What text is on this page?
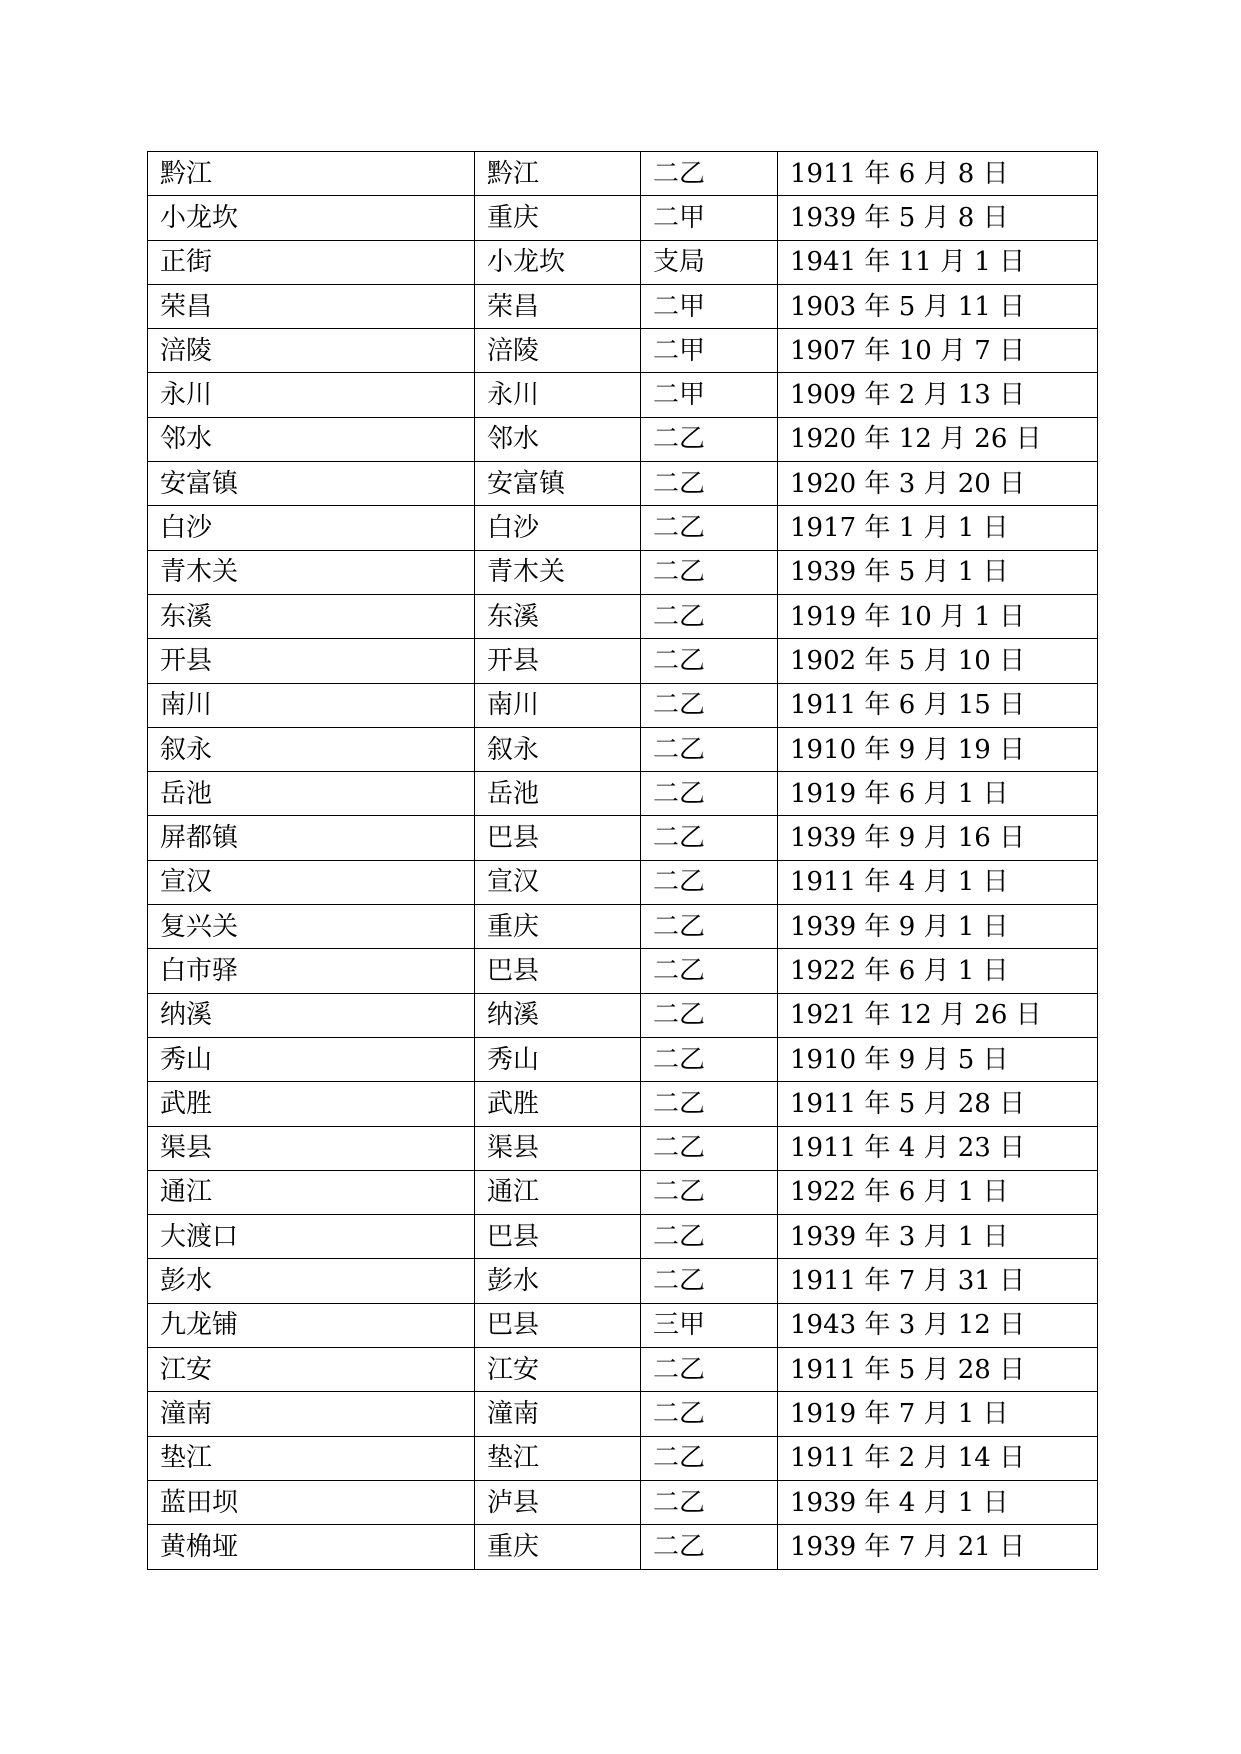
黔江	黔江	二乙	1911 年 6 月 8 日
小龙坎	重庆	二甲	1939 年 5 月 8 日
正街	小龙坎	支局	1941 年 11 月 1 日
荣昌	荣昌	二甲	1903 年 5 月 11 日
涪陵	涪陵	二甲	1907 年 10 月 7 日
永川	永川	二甲	1909 年 2 月 13 日
邻水	邻水	二乙	1920 年 12 月 26 日
安富镇	安富镇	二乙	1920 年 3 月 20 日
白沙	白沙	二乙	1917 年 1 月 1 日
青木关	青木关	二乙	1939 年 5 月 1 日
东溪	东溪	二乙	1919 年 10 月 1 日
开县	开县	二乙	1902 年 5 月 10 日
南川	南川	二乙	1911 年 6 月 15 日
叙永	叙永	二乙	1910 年 9 月 19 日
岳池	岳池	二乙	1919 年 6 月 1 日
屏都镇	巴县	二乙	1939 年 9 月 16 日
宣汉	宣汉	二乙	1911 年 4 月 1 日
复兴关	重庆	二乙	1939 年 9 月 1 日
白市驿	巴县	二乙	1922 年 6 月 1 日
纳溪	纳溪	二乙	1921 年 12 月 26 日
秀山	秀山	二乙	1910 年 9 月 5 日
武胜	武胜	二乙	1911 年 5 月 28 日
渠县	渠县	二乙	1911 年 4 月 23 日
通江	通江	二乙	1922 年 6 月 1 日
大渡口	巴县	二乙	1939 年 3 月 1 日
彭水	彭水	二乙	1911 年 7 月 31 日
九龙铺	巴县	三甲	1943 年 3 月 12 日
江安	江安	二乙	1911 年 5 月 28 日
潼南	潼南	二乙	1919 年 7 月 1 日
垫江	垫江	二乙	1911 年 2 月 14 日
蓝田坝	泸县	二乙	1939 年 4 月 1 日
黄桷垭	重庆	二乙	1939 年 7 月 21 日
